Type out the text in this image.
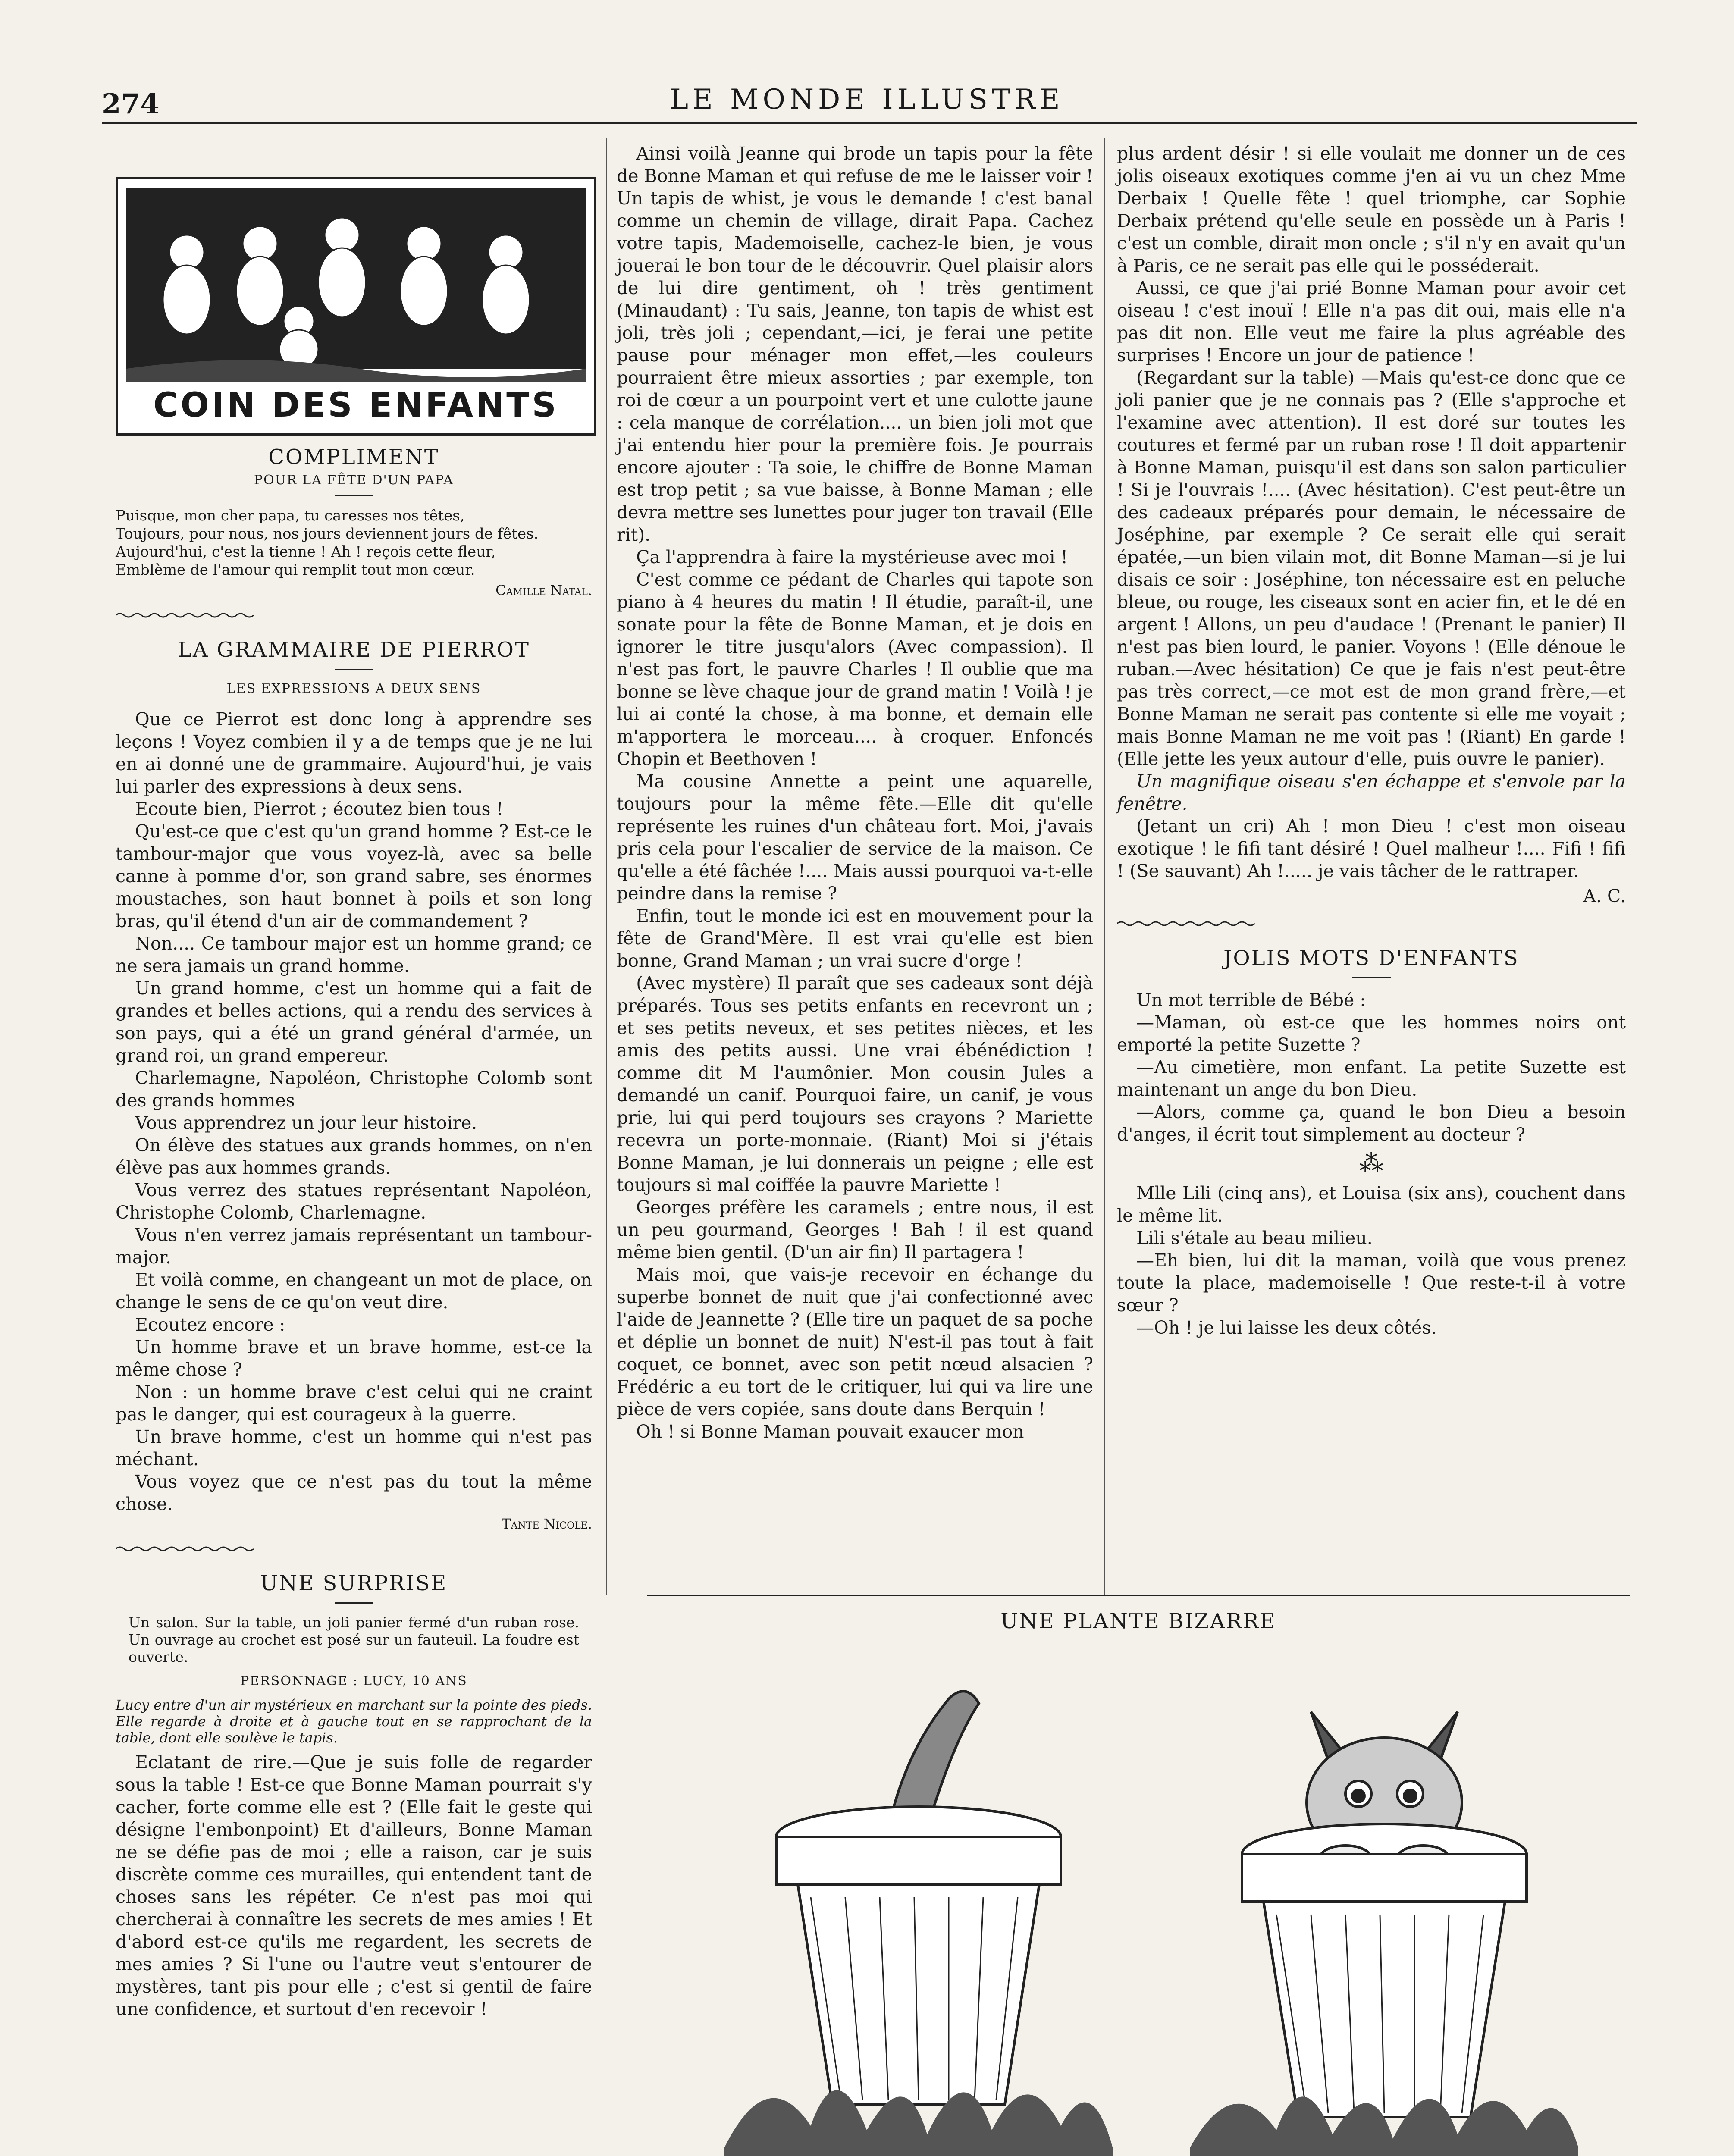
274	LE MONDE ILLUSTRE
COIN DES ENFANTS
COMPLIMENT
POUR LA FÊTE D'UN PAPA
Puisque, mon cher papa, tu caresses nos têtes,
Toujours, pour nous, nos jours deviennent jours de fêtes.
Aujourd'hui, c'est la tienne ! Ah ! reçois cette fleur,
Emblème de l'amour qui remplit tout mon cœur.
Camille Natal.
LA GRAMMAIRE DE PIERROT
LES EXPRESSIONS A DEUX SENS

Que ce Pierrot est donc long à apprendre ses leçons ! Voyez combien il y a de temps que je ne lui en ai donné une de grammaire. Aujourd'hui, je vais lui parler des expressions à deux sens.

Ecoute bien, Pierrot ; écoutez bien tous !

Qu'est-ce que c'est qu'un grand homme ? Est-ce le tambour-major que vous voyez-là, avec sa belle canne à pomme d'or, son grand sabre, ses énormes moustaches, son haut bonnet à poils et son long bras, qu'il étend d'un air de commandement ?

Non.... Ce tambour major est un homme grand; ce ne sera jamais un grand homme.

Un grand homme, c'est un homme qui a fait de grandes et belles actions, qui a rendu des services à son pays, qui a été un grand général d'armée, un grand roi, un grand empereur.

Charlemagne, Napoléon, Christophe Colomb sont des grands hommes

Vous apprendrez un jour leur histoire.

On élève des statues aux grands hommes, on n'en élève pas aux hommes grands.

Vous verrez des statues représentant Napoléon, Christophe Colomb, Charlemagne.

Vous n'en verrez jamais représentant un tambour-major.

Et voilà comme, en changeant un mot de place, on change le sens de ce qu'on veut dire.

Ecoutez encore :

Un homme brave et un brave homme, est-ce la même chose ?

Non : un homme brave c'est celui qui ne craint pas le danger, qui est courageux à la guerre.

Un brave homme, c'est un homme qui n'est pas méchant.

Vous voyez que ce n'est pas du tout la même chose.

Tante Nicole.
UNE SURPRISE
Un salon. Sur la table, un joli panier fermé d'un ruban rose. Un ouvrage au crochet est posé sur un fauteuil. La foudre est ouverte.
PERSONNAGE : LUCY, 10 ANS
Lucy entre d'un air mystérieux en marchant sur la pointe des pieds. Elle regarde à droite et à gauche tout en se rapprochant de la table, dont elle soulève le tapis.

Eclatant de rire.—Que je suis folle de regarder sous la table ! Est-ce que Bonne Maman pourrait s'y cacher, forte comme elle est ? (Elle fait le geste qui désigne l'embonpoint) Et d'ailleurs, Bonne Maman ne se défie pas de moi ; elle a raison, car je suis discrète comme ces murailles, qui entendent tant de choses sans les répéter. Ce n'est pas moi qui chercherai à connaître les secrets de mes amies ! Et d'abord est-ce qu'ils me regardent, les secrets de mes amies ? Si l'une ou l'autre veut s'entourer de mystères, tant pis pour elle ; c'est si gentil de faire une confidence, et surtout d'en recevoir !

Ainsi voilà Jeanne qui brode un tapis pour la fête de Bonne Maman et qui refuse de me le laisser voir ! Un tapis de whist, je vous le demande ! c'est banal comme un chemin de village, dirait Papa. Cachez votre tapis, Mademoiselle, cachez-le bien, je vous jouerai le bon tour de le découvrir. Quel plaisir alors de lui dire gentiment, oh ! très gentiment (Minaudant) : Tu sais, Jeanne, ton tapis de whist est joli, très joli ; cependant,—ici, je ferai une petite pause pour ménager mon effet,—les couleurs pourraient être mieux assorties ; par exemple, ton roi de cœur a un pourpoint vert et une culotte jaune : cela manque de corrélation.... un bien joli mot que j'ai entendu hier pour la première fois. Je pourrais encore ajouter : Ta soie, le chiffre de Bonne Maman est trop petit ; sa vue baisse, à Bonne Maman ; elle devra mettre ses lunettes pour juger ton travail (Elle rit).

Ça l'apprendra à faire la mystérieuse avec moi !

C'est comme ce pédant de Charles qui tapote son piano à 4 heures du matin ! Il étudie, paraît-il, une sonate pour la fête de Bonne Maman, et je dois en ignorer le titre jusqu'alors (Avec compassion). Il n'est pas fort, le pauvre Charles ! Il oublie que ma bonne se lève chaque jour de grand matin ! Voilà ! je lui ai conté la chose, à ma bonne, et demain elle m'apportera le morceau.... à croquer. Enfoncés Chopin et Beethoven !

Ma cousine Annette a peint une aquarelle, toujours pour la même fête.—Elle dit qu'elle représente les ruines d'un château fort. Moi, j'avais pris cela pour l'escalier de service de la maison. Ce qu'elle a été fâchée !.... Mais aussi pourquoi va-t-elle peindre dans la remise ?

Enfin, tout le monde ici est en mouvement pour la fête de Grand'Mère. Il est vrai qu'elle est bien bonne, Grand Maman ; un vrai sucre d'orge !

(Avec mystère) Il paraît que ses cadeaux sont déjà préparés. Tous ses petits enfants en recevront un ; et ses petits neveux, et ses petites nièces, et les amis des petits aussi. Une vrai ébénédiction ! comme dit M l'aumônier. Mon cousin Jules a demandé un canif. Pourquoi faire, un canif, je vous prie, lui qui perd toujours ses crayons ? Mariette recevra un porte-monnaie. (Riant) Moi si j'étais Bonne Maman, je lui donnerais un peigne ; elle est toujours si mal coiffée la pauvre Mariette !

Georges préfère les caramels ; entre nous, il est un peu gourmand, Georges ! Bah ! il est quand même bien gentil. (D'un air fin) Il partagera !

Mais moi, que vais-je recevoir en échange du superbe bonnet de nuit que j'ai confectionné avec l'aide de Jeannette ? (Elle tire un paquet de sa poche et déplie un bonnet de nuit) N'est-il pas tout à fait coquet, ce bonnet, avec son petit nœud alsacien ? Frédéric a eu tort de le critiquer, lui qui va lire une pièce de vers copiée, sans doute dans Berquin !

Oh ! si Bonne Maman pouvait exaucer mon

plus ardent désir ! si elle voulait me donner un de ces jolis oiseaux exotiques comme j'en ai vu un chez Mme Derbaix ! Quelle fête ! quel triomphe, car Sophie Derbaix prétend qu'elle seule en possède un à Paris ! c'est un comble, dirait mon oncle ; s'il n'y en avait qu'un à Paris, ce ne serait pas elle qui le posséderait.

Aussi, ce que j'ai prié Bonne Maman pour avoir cet oiseau ! c'est inouï ! Elle n'a pas dit oui, mais elle n'a pas dit non. Elle veut me faire la plus agréable des surprises ! Encore un jour de patience !

(Regardant sur la table) —Mais qu'est-ce donc que ce joli panier que je ne connais pas ? (Elle s'approche et l'examine avec attention). Il est doré sur toutes les coutures et fermé par un ruban rose ! Il doit appartenir à Bonne Maman, puisqu'il est dans son salon particulier ! Si je l'ouvrais !.... (Avec hésitation). C'est peut-être un des cadeaux préparés pour demain, le nécessaire de Joséphine, par exemple ? Ce serait elle qui serait épatée,—un bien vilain mot, dit Bonne Maman—si je lui disais ce soir : Joséphine, ton nécessaire est en peluche bleue, ou rouge, les ciseaux sont en acier fin, et le dé en argent ! Allons, un peu d'audace ! (Prenant le panier) Il n'est pas bien lourd, le panier. Voyons ! (Elle dénoue le ruban.—Avec hésitation) Ce que je fais n'est peut-être pas très correct,—ce mot est de mon grand frère,—et Bonne Maman ne serait pas contente si elle me voyait ; mais Bonne Maman ne me voit pas ! (Riant) En garde ! (Elle jette les yeux autour d'elle, puis ouvre le panier).

Un magnifique oiseau s'en échappe et s'envole par la fenêtre.

(Jetant un cri) Ah ! mon Dieu ! c'est mon oiseau exotique ! le fifi tant désiré ! Quel malheur !.... Fifi ! fifi ! (Se sauvant) Ah !..... je vais tâcher de le rattraper.

A. C.
JOLIS MOTS D'ENFANTS

Un mot terrible de Bébé :

—Maman, où est-ce que les hommes noirs ont emporté la petite Suzette ?

—Au cimetière, mon enfant. La petite Suzette est maintenant un ange du bon Dieu.

—Alors, comme ça, quand le bon Dieu a besoin d'anges, il écrit tout simplement au docteur ?

⁂

Mlle Lili (cinq ans), et Louisa (six ans), couchent dans le même lit.

Lili s'étale au beau milieu.

—Eh bien, lui dit la maman, voilà que vous prenez toute la place, mademoiselle ! Que reste-t-il à votre sœur ?

—Oh ! je lui laisse les deux côtés.

UNE PLANTE BIZARRE
